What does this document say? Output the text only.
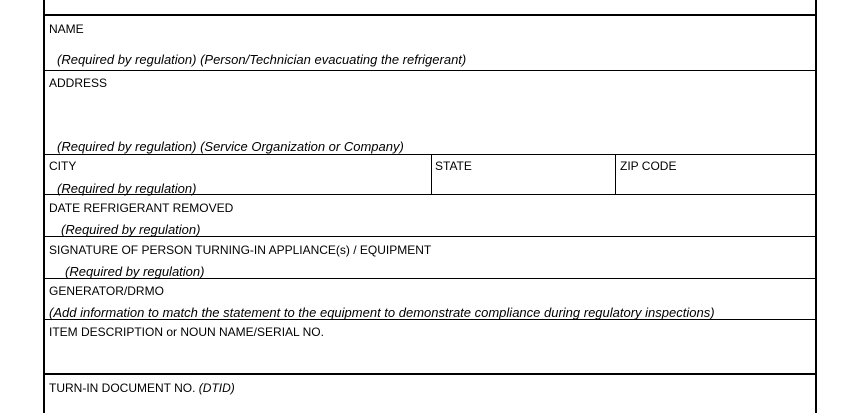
NAME
(Required by regulation) (Person/Technician evacuating the refrigerant)
ADDRESS
(Required by regulation) (Service Organization or Company)
CITY
(Required by regulation)
STATE	ZIP CODE
DATE REFRIGERANT REMOVED
(Required by regulation)
SIGNATURE OF PERSON TURNING-IN APPLIANCE(s) / EQUIPMENT
(Required by regulation)
GENERATOR/DRMO
(Add information to match the statement to the equipment to demonstrate compliance during regulatory inspections)
ITEM DESCRIPTION or NOUN NAME/SERIAL NO.
TURN-IN DOCUMENT NO. (DTID)
